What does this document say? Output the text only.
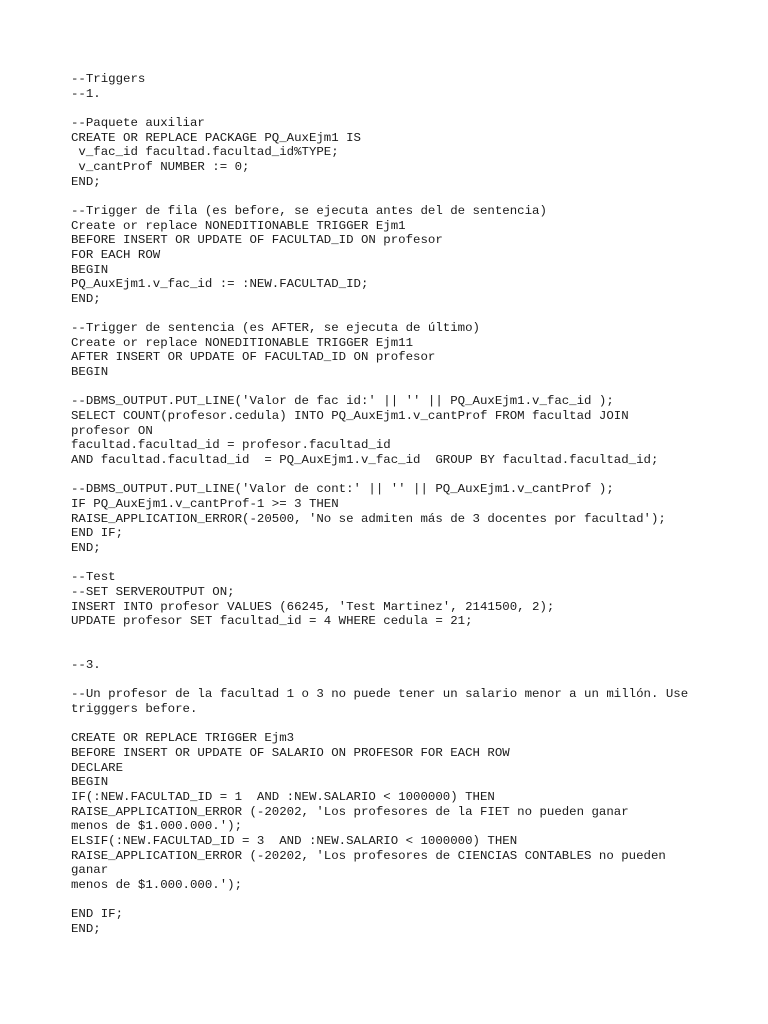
--Triggers
--1.
--Paquete auxiliar
CREATE OR REPLACE PACKAGE PQ_AuxEjm1 IS
v_fac_id facultad.facultad_id%TYPE;
v_cantProf NUMBER := 0;
END;
--Trigger de fila (es before, se ejecuta antes del de sentencia)
Create or replace NONEDITIONABLE TRIGGER Ejm1
BEFORE INSERT OR UPDATE OF FACULTAD_ID ON profesor
FOR EACH ROW
BEGIN
PQ_AuxEjm1.v_fac_id := :NEW.FACULTAD_ID;
END;
--Trigger de sentencia (es AFTER, se ejecuta de último)
Create or replace NONEDITIONABLE TRIGGER Ejm11
AFTER INSERT OR UPDATE OF FACULTAD_ID ON profesor
BEGIN
--DBMS_OUTPUT.PUT_LINE('Valor de fac id:' || '' || PQ_AuxEjm1.v_fac_id );
SELECT COUNT(profesor.cedula) INTO PQ_AuxEjm1.v_cantProf FROM facultad JOIN
profesor ON
facultad.facultad_id = profesor.facultad_id
AND facultad.facultad_id  = PQ_AuxEjm1.v_fac_id  GROUP BY facultad.facultad_id;
--DBMS_OUTPUT.PUT_LINE('Valor de cont:' || '' || PQ_AuxEjm1.v_cantProf );
IF PQ_AuxEjm1.v_cantProf-1 >= 3 THEN
RAISE_APPLICATION_ERROR(-20500, 'No se admiten más de 3 docentes por facultad');
END IF;
END;
--Test
--SET SERVEROUTPUT ON;
INSERT INTO profesor VALUES (66245, 'Test Martinez', 2141500, 2);
UPDATE profesor SET facultad_id = 4 WHERE cedula = 21;
--3.
--Un profesor de la facultad 1 o 3 no puede tener un salario menor a un millón. Use
trigggers before.
CREATE OR REPLACE TRIGGER Ejm3
BEFORE INSERT OR UPDATE OF SALARIO ON PROFESOR FOR EACH ROW
DECLARE
BEGIN
IF(:NEW.FACULTAD_ID = 1  AND :NEW.SALARIO < 1000000) THEN
RAISE_APPLICATION_ERROR (-20202, 'Los profesores de la FIET no pueden ganar
menos de $1.000.000.');
ELSIF(:NEW.FACULTAD_ID = 3  AND :NEW.SALARIO < 1000000) THEN
RAISE_APPLICATION_ERROR (-20202, 'Los profesores de CIENCIAS CONTABLES no pueden
ganar
menos de $1.000.000.');
END IF;
END;
